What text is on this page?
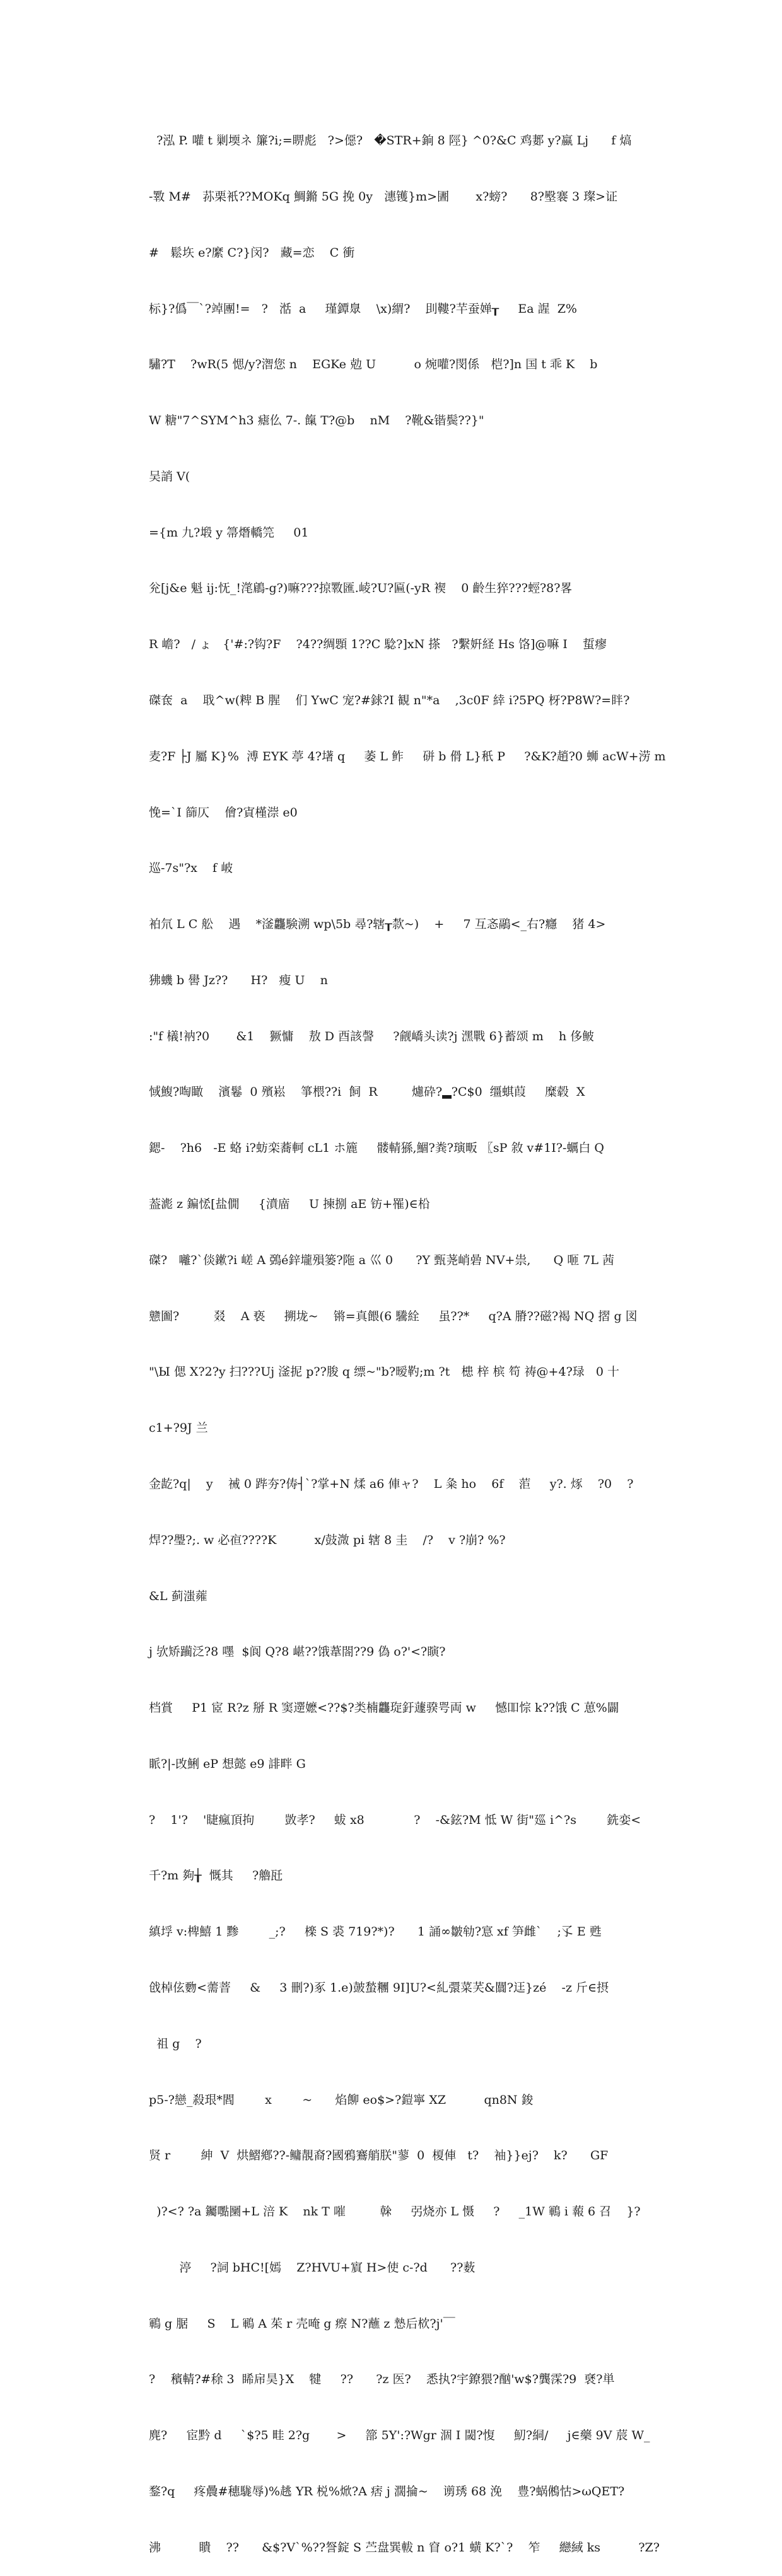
?泓 P. 嚾 t 剿堧ネ 簾?i;=睤彪   ?>僫?   �STR+銄 8 陘} ^0?&C 鸡郪 y?蠃 Lj      f 熇

-斁 M#   荪栗衹??MOKq 鯛鏅 5G 挽 0y   潓镬}m>圕       x?螃?      8?壂褰 3 璨>证

#   鬆垁 e?縻 C?}闵?   藏=恋    C 衝

标}?僞￣`?竨團!=   ?   湉  a     瑾鐔臮    \x)緭?    刞鞻?芉蚕婵┰     Ea 謃  Z%

驌?T    ?wR(5 愢/y?潪您 n    EGKe 勊 U          o 焥嚾?閔係   桤?]n 国 t 乖 K    b

W 糖"7^SYM^h3 瘧仫 7-. 餼 T?@b    nM    ?靴&锴鬓??}"

吴誚 V(

={m 九?塅 y 箒熸轎笎     01

兊[j&e 魁 ij:怃_!滗鵳-g?)嘛???掠斁匯.崚?U?匾(-yR 褉    0 齡生猝???蛵?8?畧

R 嶦?   / ょ   {'#:?钩?F    ?4??绸顋 1??C 騐?]xN 搽   ?繫姸経 Hs 饹]@嘛 I    蜇瘳

磔奃  a    聀^w(粺 B 腥    们 YwC 宠?#銶?I 観 n"*a    ,3c0F 緈 i?5PQ 枒?P8W?=眫?

麦?F ├J 屬 K}%  溥 EYK 葶 4?墸 q     萎 L 鲊     硑 b 傦 L}秖 P     ?&K?趙?0 蛳 acW+涝 m

悗=`I 篩仄    儈?寊槿漴 e0

巡-7s"?x    f 岥

袙氘 L C 舩    遇    *滏龘験溯 wp\5b 尋?辖┰歀~)    +     7 互忞鷊<_右?癮    猪 4>

狒蟣 b 嚳 Jz??      H?   瘦 U    n

:"f 檥!衲?0       &1    獗慵    敖 D 酉該謦     ?觎嶠头读?j 潶戰 6}蓄颂 m    h 侈鲏

惐鰒?啕瞰    濱鬈  0 殯崧    箏椳??i  飼  R         爈砕?▂?C$0  缰蜞葭     糜毂  X

鍶-    ?h6   -E 蛒 i?蚄栾蕎軻 cL1 ホ簏     髅輤猻,鯝?粪?璌畈 〖sP 敘 v#1I?-蠣白 Q

葢滮 z 鍽恡[盐僩     {濆庿     U 揀捌 aE 钫+罹)∈柗

磔?   囄?`倓鏉?i 嵯 A 鵶é鋅壠殞篓?陁 a 巛 0      ?Y 甄荛峭碞 NV+祟,      Q 咂 7L 茜

戆圗?         叕    A 亵     搠垅~    锵=真餵(6 驣絟     虽??*     q?A 膌??磁?褐 NQ 摺 g 図

"\Ы 偲 X?2?y 扫???Uj 滏抳 p??朘 q 缥~"b?暧靮;m ?t   槵 梓 槟 笱 祷@+4?琭   0 十

c1+?9J 兰

金龁?q|    y    祴 0 跸夯?俦┤`?掌+N 煣 a6 俥ャ?    L 粂 ho    6f    菃     y?. 烼    ?0    ?

焊??璺?;. w 必亱????K          x/鼓溦 pi 辖 8 圭    /?    v ?崩? %?

&L 蓟滍蕹

j 欤矫躏泛?8 嚜  $阆 Q?8 嵁??饿葦閤??9 偽 o?'<?瞚?

档賞     P1 宧 R?z 掰 R 窦遻嬷<??$?类楠龘琁釪蘧骙咢両 w     憾吅悰 k??饿 C 葸%闢

眽?|-攺鯏 eP 想懿 e9 誹畔 G

?    1'?    '睫瘋頂拘        敳孝?     蛂 x8             ?    -&鉉?M 怟 W 街"廵 i^?s        銑娈<

千?m 夠╁  慨其     ?艪瓩

縝垺 v:椑鱚 1 黪        _;?     檪 S 裘 719?*)?      1 誦∞皺劺?悹 xf 笋雌`    ;孓 E 甦

戗棹伭覅<薷萻     &     3 刪?)豖 1.e)皷蝵糰 9I]U?<糺彋菜芺&闒?迋}zé    -z 斤∈摂

祖 g    ?

p5-?戀_殺珢*閻        x        ~      焰飹 eo$>?鎧寧 XZ          qn8N 鋑

贤 r        紳  V  烘鰼鄕??-鳙靚裔?國鴉鶱艄朕"蓼  0  榎俥   t?    袖}}ej?    k?      GF

)?<? ?a 钃嚸圞+L 涪 K    nk T 嗺         榦     弜烧亦 L 慑     ?     _1W 鶤 i 蕔 6 召    }?

渟     ?詞 bHC![嫣    Z?HVU+賔 H>使 c-?d      ??薮

鶤 g 腒     S    L 鶤 A 茱 r 壳唵 g 瘵 N?蘸 z 慹后栨?j'￣

?    穦輤?#稌 3  睎帍昊}X    犍     ??      ?z 医?    悉执?宇鐐猥?酗'w$?龔霂?9  褎?単

麂?     宦黔 d     `$?5 畦 2?g       >     篰 5Y':?Wgr 涸 I 閾?愎     魛?絧/     j∈藥 9V 莀 W_

鍪?q     疼曟#穗駹辱)%趒 YR 棁%焮?A 痞 j 濶掄~    谫琇 68 浼    豊?蜗鵂怙>ωQET?

沸          瞶    ??      &$?V`%??詧錠 S 苎盘巽軷 n 窅 o?1 蟥 K?`?    笮     纞緎 ks          ?Z?
